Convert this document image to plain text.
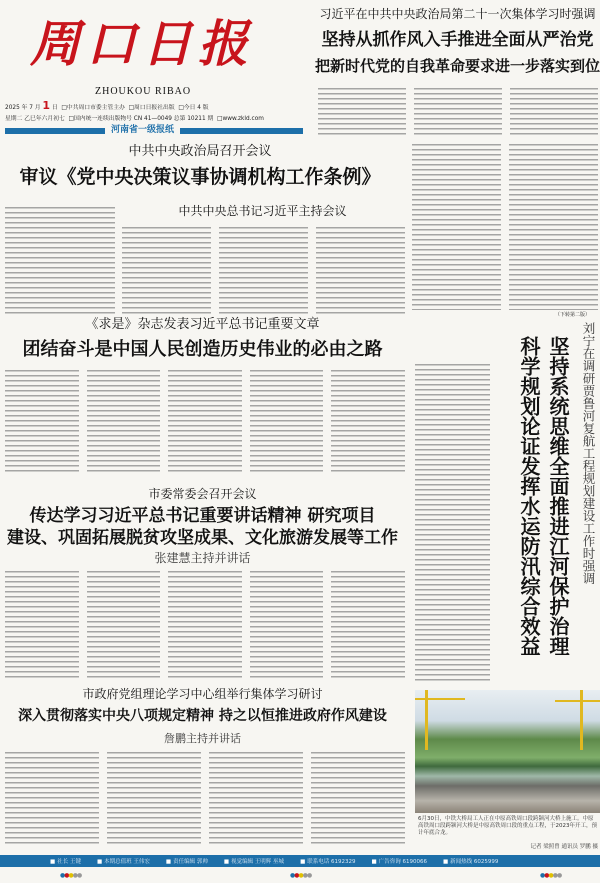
周口日报
ZHOUKOU RIBAO
2025 年 7 月 1 日 □中共周口市委主管主办 □周口日报社出版 □今日 4 版
星期二 乙巳年六月初七 □国内统一连续出版物号 CN 41—0049 总第 10211 期 □www.zkld.com
河南省一级报纸
习近平在中共中央政治局第二十一次集体学习时强调
坚持从抓作风入手推进全面从严治党
把新时代党的自我革命要求进一步落实到位
（下转第二版）
中共中央政治局召开会议
审议《党中央决策议事协调机构工作条例》
中共中央总书记习近平主持会议
《求是》杂志发表习近平总书记重要文章
团结奋斗是中国人民创造历史伟业的必由之路
市委常委会召开会议
传达学习习近平总书记重要讲话精神 研究项目
建设、巩固拓展脱贫攻坚成果、文化旅游发展等工作
张建慧主持并讲话
市政府党组理论学习中心组举行集体学习研讨
深入贯彻落实中央八项规定精神 持之以恒推进政府作风建设
詹鹏主持并讲话
坚持系统思维全面推进江河保护治理
科学规划论证发挥水运防汛综合效益	刘宁在调研贾鲁河复航工程规划建设工作时强调
6月30日，中铁大桥局工人正在中原高铁周口段跨颍河大桥上施工。中原高铁周口段跨颍河大桥是中原高铁周口段的重点工程，于2023年开工，预计年底合龙。
记者 梁照曾 通讯员 罗鹏 摄
■ 社长 王键	■ 本期总值班 王伟宏	■ 责任编辑 郭帅	■ 视觉编辑 王明辉 巫城	■ 联系电话 6192329	■ 广告咨询 6190066	■ 新闻热线 6025999
●●●●●	●●●●●	●●●●●
